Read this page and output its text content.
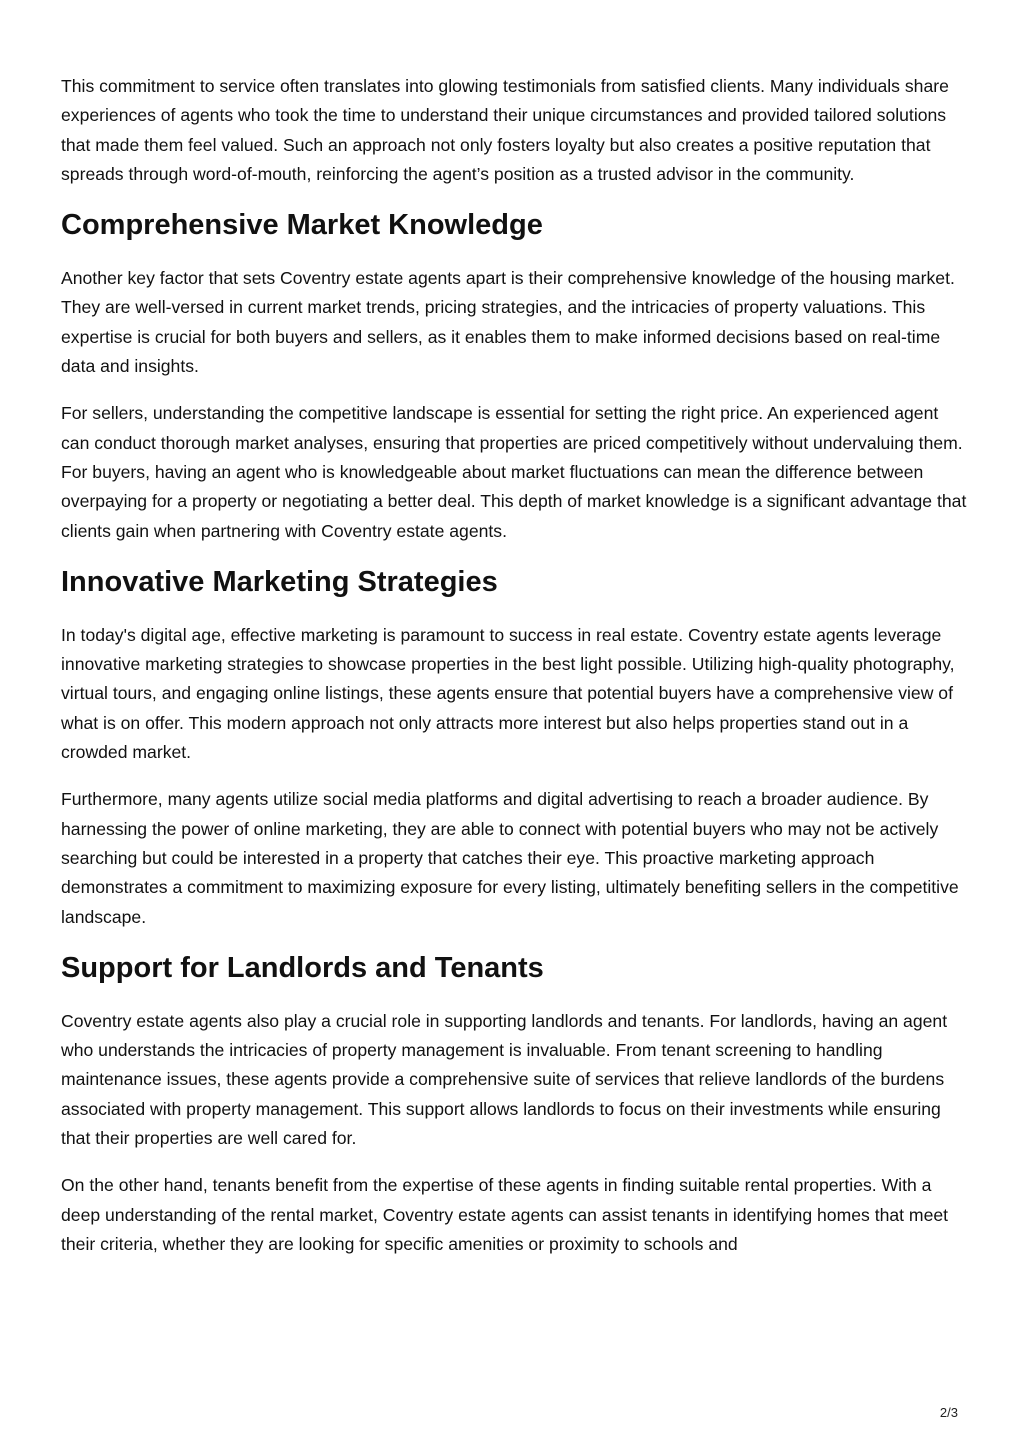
This commitment to service often translates into glowing testimonials from satisfied clients. Many individuals share experiences of agents who took the time to understand their unique circumstances and provided tailored solutions that made them feel valued. Such an approach not only fosters loyalty but also creates a positive reputation that spreads through word-of-mouth, reinforcing the agent’s position as a trusted advisor in the community.

Comprehensive Market Knowledge

Another key factor that sets Coventry estate agents apart is their comprehensive knowledge of the housing market. They are well-versed in current market trends, pricing strategies, and the intricacies of property valuations. This expertise is crucial for both buyers and sellers, as it enables them to make informed decisions based on real-time data and insights.

For sellers, understanding the competitive landscape is essential for setting the right price. An experienced agent can conduct thorough market analyses, ensuring that properties are priced competitively without undervaluing them. For buyers, having an agent who is knowledgeable about market fluctuations can mean the difference between overpaying for a property or negotiating a better deal. This depth of market knowledge is a significant advantage that clients gain when partnering with Coventry estate agents.

Innovative Marketing Strategies

In today's digital age, effective marketing is paramount to success in real estate. Coventry estate agents leverage innovative marketing strategies to showcase properties in the best light possible. Utilizing high-quality photography, virtual tours, and engaging online listings, these agents ensure that potential buyers have a comprehensive view of what is on offer. This modern approach not only attracts more interest but also helps properties stand out in a crowded market.

Furthermore, many agents utilize social media platforms and digital advertising to reach a broader audience. By harnessing the power of online marketing, they are able to connect with potential buyers who may not be actively searching but could be interested in a property that catches their eye. This proactive marketing approach demonstrates a commitment to maximizing exposure for every listing, ultimately benefiting sellers in the competitive landscape.

Support for Landlords and Tenants

Coventry estate agents also play a crucial role in supporting landlords and tenants. For landlords, having an agent who understands the intricacies of property management is invaluable. From tenant screening to handling maintenance issues, these agents provide a comprehensive suite of services that relieve landlords of the burdens associated with property management. This support allows landlords to focus on their investments while ensuring that their properties are well cared for.

On the other hand, tenants benefit from the expertise of these agents in finding suitable rental properties. With a deep understanding of the rental market, Coventry estate agents can assist tenants in identifying homes that meet their criteria, whether they are looking for specific amenities or proximity to schools and

2/3
